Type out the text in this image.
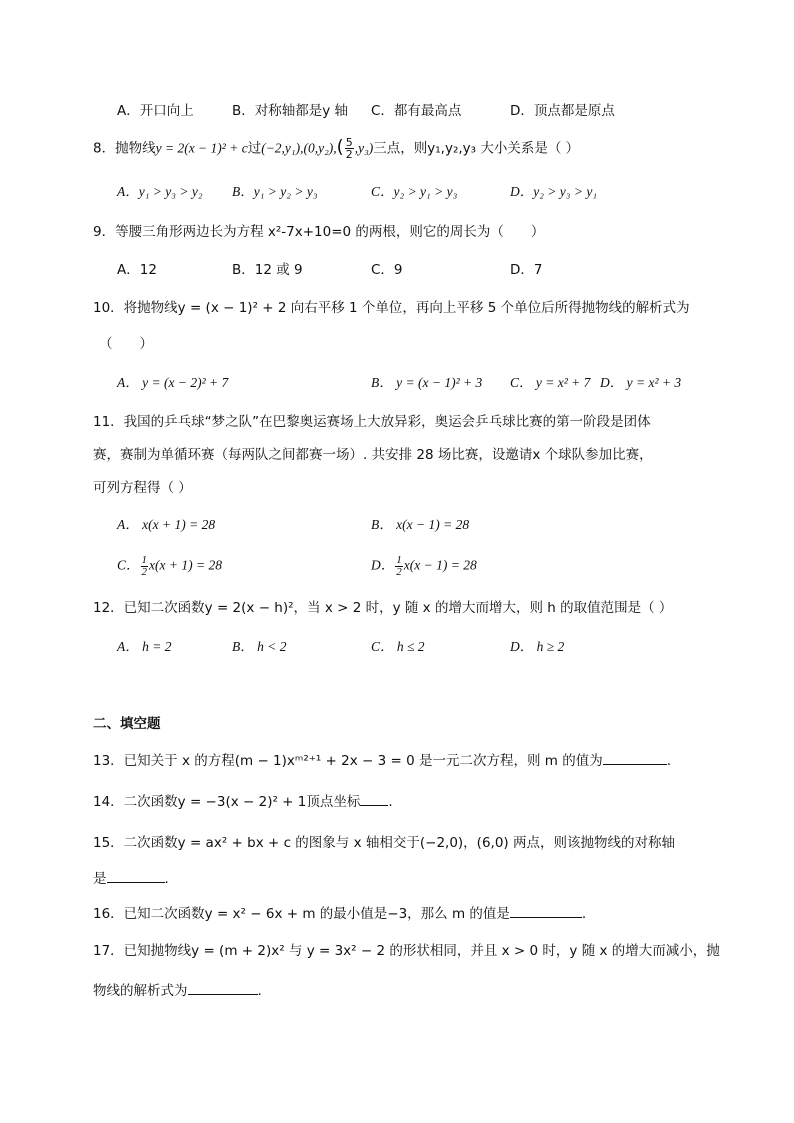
A．开口向上	B．对称轴都是y 轴 C．都有最高点	D．顶点都是原点
8．抛物线y = 2(x − 1)² + c过$(-2,y_1),(0,y_2),( \frac{5}{2} ,y_3)$三点，则y₁,y₂,y₃ 大小关系是（ ）
A．y₁ > y₃ > y₂ B．y₁ > y₂ > y₃	C．y₂ > y₁ > y₃	D．y₂ > y₃ > y₁
9．等腰三角形两边长为方程 x²-7x+10=0 的两根，则它的周长为（　　）
A．12	B．12 或 9	C．9	D．7
10．将抛物线y = (x − 1)² + 2 向右平移 1 个单位，再向上平移 5 个单位后所得抛物线的解析式为
（　　）
A． y = (x − 2)² + 7	B． y = (x − 1)² + 3 C． y = x² + 7 D． y = x² + 3
11．我国的乒乓球“梦之队”在巴黎奥运赛场上大放异彩，奥运会乒乓球比赛的第一阶段是团体
赛，赛制为单循环赛（每两队之间都赛一场）. 共安排 28 场比赛，设邀请x 个球队参加比赛，
可列方程得（ ）
A． x(x + 1) = 28	B． x(x − 1) = 28
C． $\frac{1}{2} x(x + 1) = 28$	D． $\frac{1}{2} x(x - 1) = 28$
12．已知二次函数y = 2(x − h)²，当 x > 2 时，y 随 x 的增大而增大，则 h 的取值范围是（ ）
A． h = 2	B． h < 2	C． h ≤ 2	D． h ≥ 2
二、填空题
13．已知关于 x 的方程(m − 1)xᵐ²⁺¹ + 2x − 3 = 0 是一元二次方程，则 m 的值为	.
14．二次函数y = −3(x − 2)² + 1顶点坐标 .
15．二次函数y = ax² + bx + c 的图象与 x 轴相交于(−2,0)，(6,0) 两点，则该抛物线的对称轴
是	.
16．已知二次函数y = x² − 6x + m 的最小值是−3，那么 m 的值是	.
17．已知抛物线y = (m + 2)x² 与 y = 3x² − 2 的形状相同，并且 x > 0 时，y 随 x 的增大而减小，抛
物线的解析式为	.
